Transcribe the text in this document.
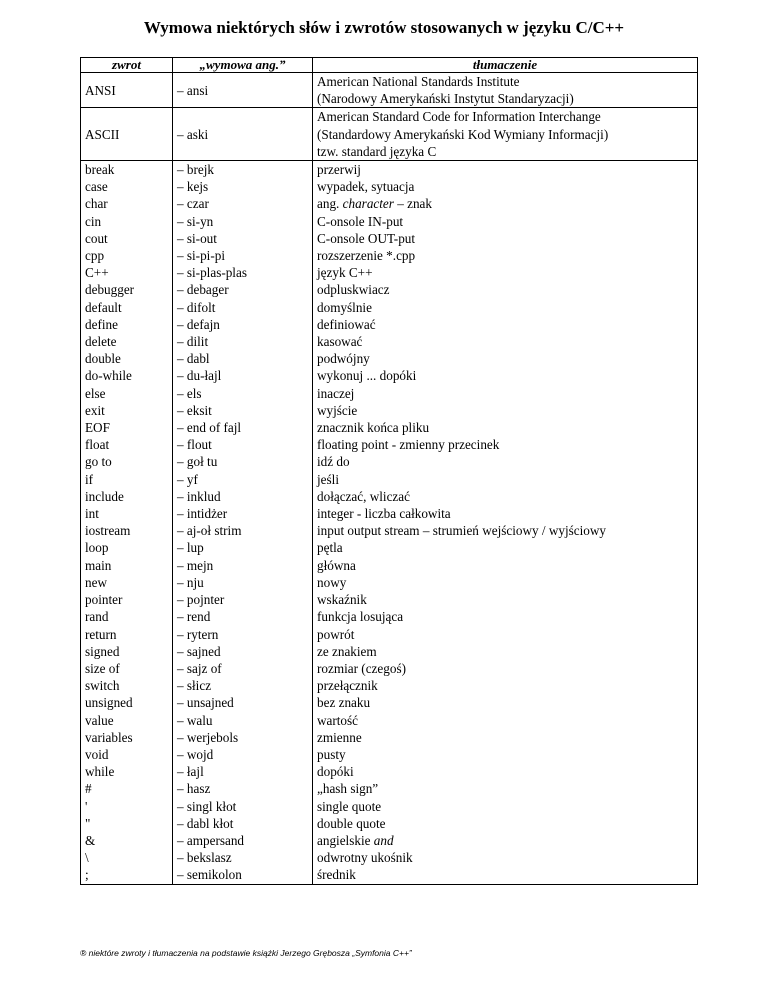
Wymowa niektórych słów i zwrotów stosowanych w języku C/C++
zwrot	„wymowa ang.”	tłumaczenie
ANSI	– ansi	American National Standards Institute
(Narodowy Amerykański Instytut Standaryzacji)
ASCII	– aski	American Standard Code for Information Interchange
(Standardowy Amerykański Kod Wymiany Informacji)
tzw. standard języka C
break	– brejk	przerwij
case	– kejs	wypadek, sytuacja
char	– czar	ang. character – znak
cin	– si-yn	C-onsole IN-put
cout	– si-out	C-onsole OUT-put
cpp	– si-pi-pi	rozszerzenie *.cpp
C++	– si-plas-plas	język C++
debugger	– debager	odpluskwiacz
default	– difolt	domyślnie
define	– defajn	definiować
delete	– dilit	kasować
double	– dabl	podwójny
do-while	– du-łajl	wykonuj ... dopóki
else	– els	inaczej
exit	– eksit	wyjście
EOF	– end of fajl	znacznik końca pliku
float	– flout	floating point - zmienny przecinek
go to	– goł tu	idź do
if	– yf	jeśli
include	– inklud	dołączać, wliczać
int	– intidżer	integer - liczba całkowita
iostream	– aj-oł strim	input output stream – strumień wejściowy / wyjściowy
loop	– lup	pętla
main	– mejn	główna
new	– nju	nowy
pointer	– pojnter	wskaźnik
rand	– rend	funkcja losująca
return	– rytern	powrót
signed	– sajned	ze znakiem
size of	– sajz of	rozmiar (czegoś)
switch	– słicz	przełącznik
unsigned	– unsajned	bez znaku
value	– walu	wartość
variables	– werjebols	zmienne
void	– wojd	pusty
while	– łajl	dopóki
#	– hasz	„hash sign”
'	– singl kłot	single quote
"	– dabl kłot	double quote
&	– ampersand	angielskie and
\	– bekslasz	odwrotny ukośnik
;	– semikolon	średnik
® niektóre zwroty i tłumaczenia na podstawie książki Jerzego Grębosza „Symfonia C++”
